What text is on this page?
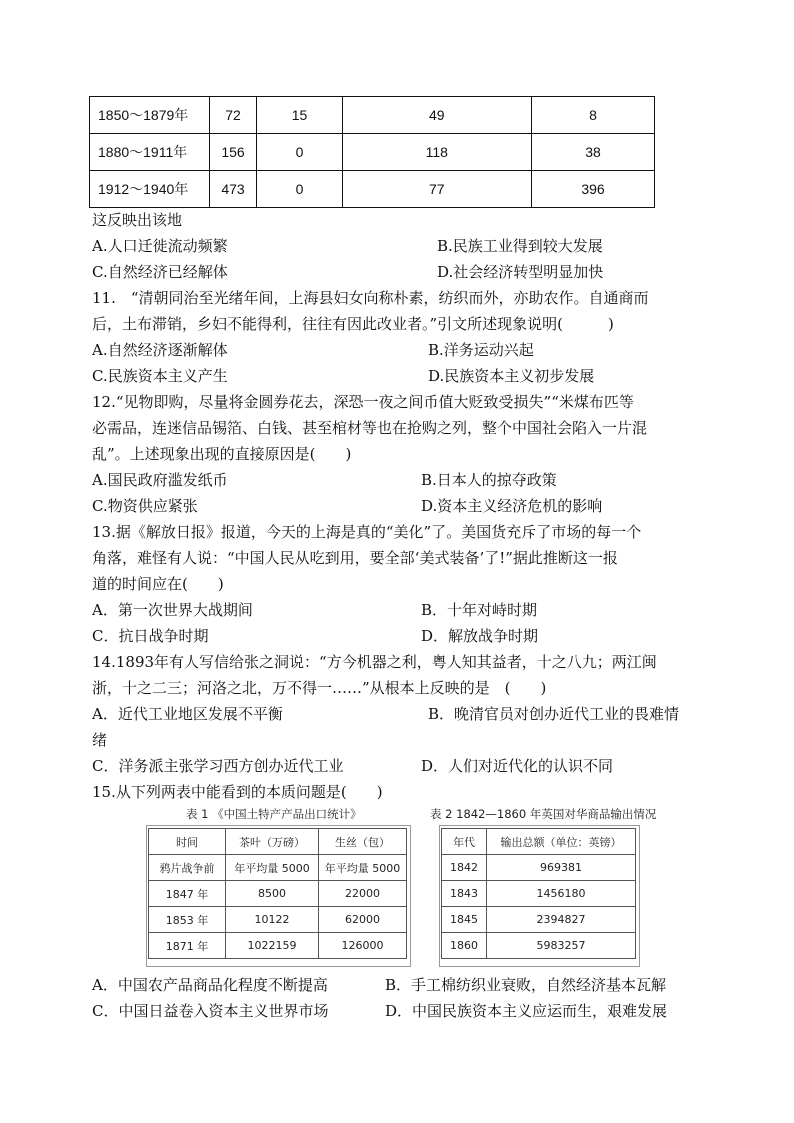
1850～1879年	72	15	49	8
1880～1911年	156	0	118	38
1912～1940年	473	0	77	396
这反映出该地
A.人口迁徙流动频繁	B.民族工业得到较大发展
C.自然经济已经解体	D.社会经济转型明显加快
11.　“清朝同治至光绪年间，上海县妇女向称朴素，纺织而外，亦助农作。自通商而
后，土布滞销，乡妇不能得利，往往有因此改业者。”引文所述现象说明(　　　)
A.自然经济逐渐解体	B.洋务运动兴起
C.民族资本主义产生	D.民族资本主义初步发展
12.“见物即购，尽量将金圆券花去，深恐一夜之间币值大贬致受损失”“米煤布匹等
必需品，连迷信品锡箔、白钱、甚至棺材等也在抢购之列，整个中国社会陷入一片混
乱”。上述现象出现的直接原因是(　　)
A.国民政府滥发纸币	B.日本人的掠夺政策
C.物资供应紧张	D.资本主义经济危机的影响
13.据《解放日报》报道，今天的上海是真的“美化”了。美国货充斥了市场的每一个
角落，难怪有人说：“中国人民从吃到用，要全部‘美式装备’了!”据此推断这一报
道的时间应在(　　)
A．第一次世界大战期间	B．十年对峙时期
C．抗日战争时期	D．解放战争时期
14.1893年有人写信给张之洞说：“方今机器之利，粤人知其益者，十之八九；两江闽
浙，十之二三；河洛之北，万不得一……”从根本上反映的是　(　　)
A．近代工业地区发展不平衡	B．晚清官员对创办近代工业的畏难情
绪
C．洋务派主张学习西方创办近代工业	D．人们对近代化的认识不同
15.从下列两表中能看到的本质问题是(　　)
表 1 《中国土特产产品出口统计》
时间	茶叶（万磅）	生丝（包）
鸦片战争前	年平均量 5000	年平均量 5000
1847 年	8500	22000
1853 年	10122	62000
1871 年	1022159	126000
表 2 1842—1860 年英国对华商品输出情况
年代	输出总额（单位：英镑）
1842	969381
1843	1456180
1845	2394827
1860	5983257
A．中国农产品商品化程度不断提高	B．手工棉纺织业衰败，自然经济基本瓦解
C．中国日益卷入资本主义世界市场	D．中国民族资本主义应运而生，艰难发展
